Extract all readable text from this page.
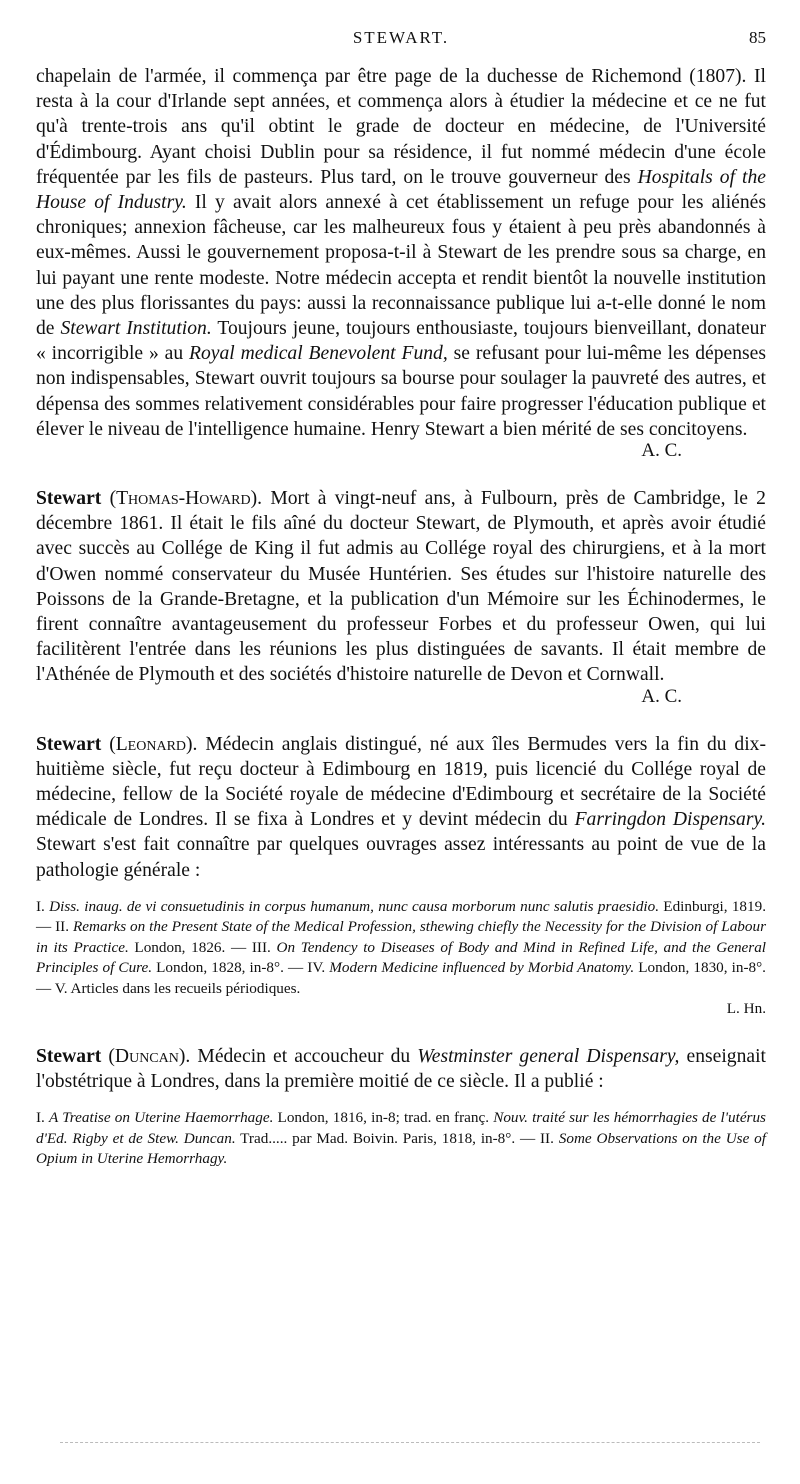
STEWART.	85

chapelain de l'armée, il commença par être page de la duchesse de Richemond (1807). Il resta à la cour d'Irlande sept années, et commença alors à étudier la médecine et ce ne fut qu'à trente-trois ans qu'il obtint le grade de docteur en médecine, de l'Université d'Édimbourg. Ayant choisi Dublin pour sa résidence, il fut nommé médecin d'une école fréquentée par les fils de pasteurs. Plus tard, on le trouve gouverneur des Hospitals of the House of Industry. Il y avait alors annexé à cet établissement un refuge pour les aliénés chroniques; annexion fâcheuse, car les malheureux fous y étaient à peu près abandonnés à eux-mêmes. Aussi le gouvernement proposa-t-il à Stewart de les prendre sous sa charge, en lui payant une rente modeste. Notre médecin accepta et rendit bientôt la nouvelle institution une des plus florissantes du pays: aussi la reconnaissance publique lui a-t-elle donné le nom de Stewart Institution. Toujours jeune, toujours enthousiaste, toujours bienveillant, donateur « incorrigible » au Royal medical Benevolent Fund, se refusant pour lui-même les dépenses non indispensables, Stewart ouvrit toujours sa bourse pour soulager la pauvreté des autres, et dépensa des sommes relativement considérables pour faire progresser l'éducation publique et élever le niveau de l'intelligence humaine. Henry Stewart a bien mérité de ses concitoyens.

A. C.

Stewart (Thomas-Howard). Mort à vingt-neuf ans, à Fulbourn, près de Cambridge, le 2 décembre 1861. Il était le fils aîné du docteur Stewart, de Plymouth, et après avoir étudié avec succès au Collége de King il fut admis au Collége royal des chirurgiens, et à la mort d'Owen nommé conservateur du Musée Huntérien. Ses études sur l'histoire naturelle des Poissons de la Grande-Bretagne, et la publication d'un Mémoire sur les Échinodermes, le firent connaître avantageusement du professeur Forbes et du professeur Owen, qui lui facilitèrent l'entrée dans les réunions les plus distinguées de savants. Il était membre de l'Athénée de Plymouth et des sociétés d'histoire naturelle de Devon et Cornwall.

A. C.

Stewart (Leonard). Médecin anglais distingué, né aux îles Bermudes vers la fin du dix-huitième siècle, fut reçu docteur à Edimbourg en 1819, puis licencié du Collége royal de médecine, fellow de la Société royale de médecine d'Edimbourg et secrétaire de la Société médicale de Londres. Il se fixa à Londres et y devint médecin du Farringdon Dispensary. Stewart s'est fait connaître par quelques ouvrages assez intéressants au point de vue de la pathologie générale :

I. Diss. inaug. de vi consuetudinis in corpus humanum, nunc causa morborum nunc salutis praesidio. Edinburgi, 1819. — II. Remarks on the Present State of the Medical Profession, sthewing chiefly the Necessity for the Division of Labour in its Practice. London, 1826. — III. On Tendency to Diseases of Body and Mind in Refined Life, and the General Principles of Cure. London, 1828, in-8°. — IV. Modern Medicine influenced by Morbid Anatomy. London, 1830, in-8°. — V. Articles dans les recueils périodiques.
L. Hn.

Stewart (Duncan). Médecin et accoucheur du Westminster general Dispensary, enseignait l'obstétrique à Londres, dans la première moitié de ce siècle. Il a publié :

I. A Treatise on Uterine Haemorrhage. London, 1816, in-8; trad. en franç. Nouv. traité sur les hémorrhagies de l'utérus d'Ed. Rigby et de Stew. Duncan. Trad..... par Mad. Boivin. Paris, 1818, in-8°. — II. Some Observations on the Use of Opium in Uterine Hemorrhagy.
